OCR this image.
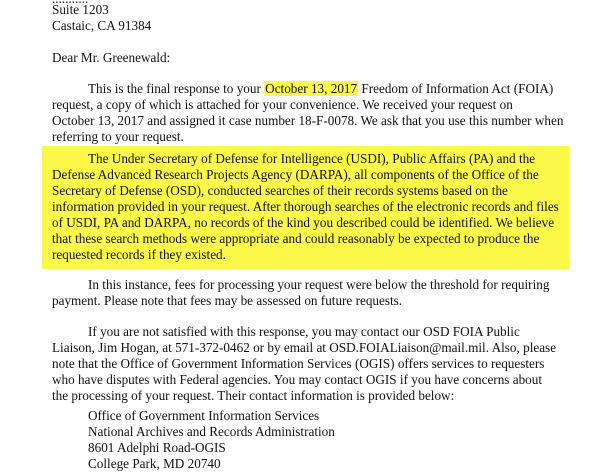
Suite 1203
Castaic, CA 91384
Dear Mr. Greenewald:
This is the final response to your October 13, 2017 Freedom of Information Act (FOIA)
request, a copy of which is attached for your convenience. We received your request on
October 13, 2017 and assigned it case number 18-F-0078. We ask that you use this number when
referring to your request.
The Under Secretary of Defense for Intelligence (USDI), Public Affairs (PA) and the
Defense Advanced Research Projects Agency (DARPA), all components of the Office of the
Secretary of Defense (OSD), conducted searches of their records systems based on the
information provided in your request. After thorough searches of the electronic records and files
of USDI, PA and DARPA, no records of the kind you described could be identified. We believe
that these search methods were appropriate and could reasonably be expected to produce the
requested records if they existed.
In this instance, fees for processing your request were below the threshold for requiring
payment. Please note that fees may be assessed on future requests.
If you are not satisfied with this response, you may contact our OSD FOIA Public
Liaison, Jim Hogan, at 571-372-0462 or by email at OSD.FOIALiaison@mail.mil. Also, please
note that the Office of Government Information Services (OGIS) offers services to requesters
who have disputes with Federal agencies. You may contact OGIS if you have concerns about
the processing of your request. Their contact information is provided below:
Office of Government Information Services
National Archives and Records Administration
8601 Adelphi Road-OGIS
College Park, MD 20740
